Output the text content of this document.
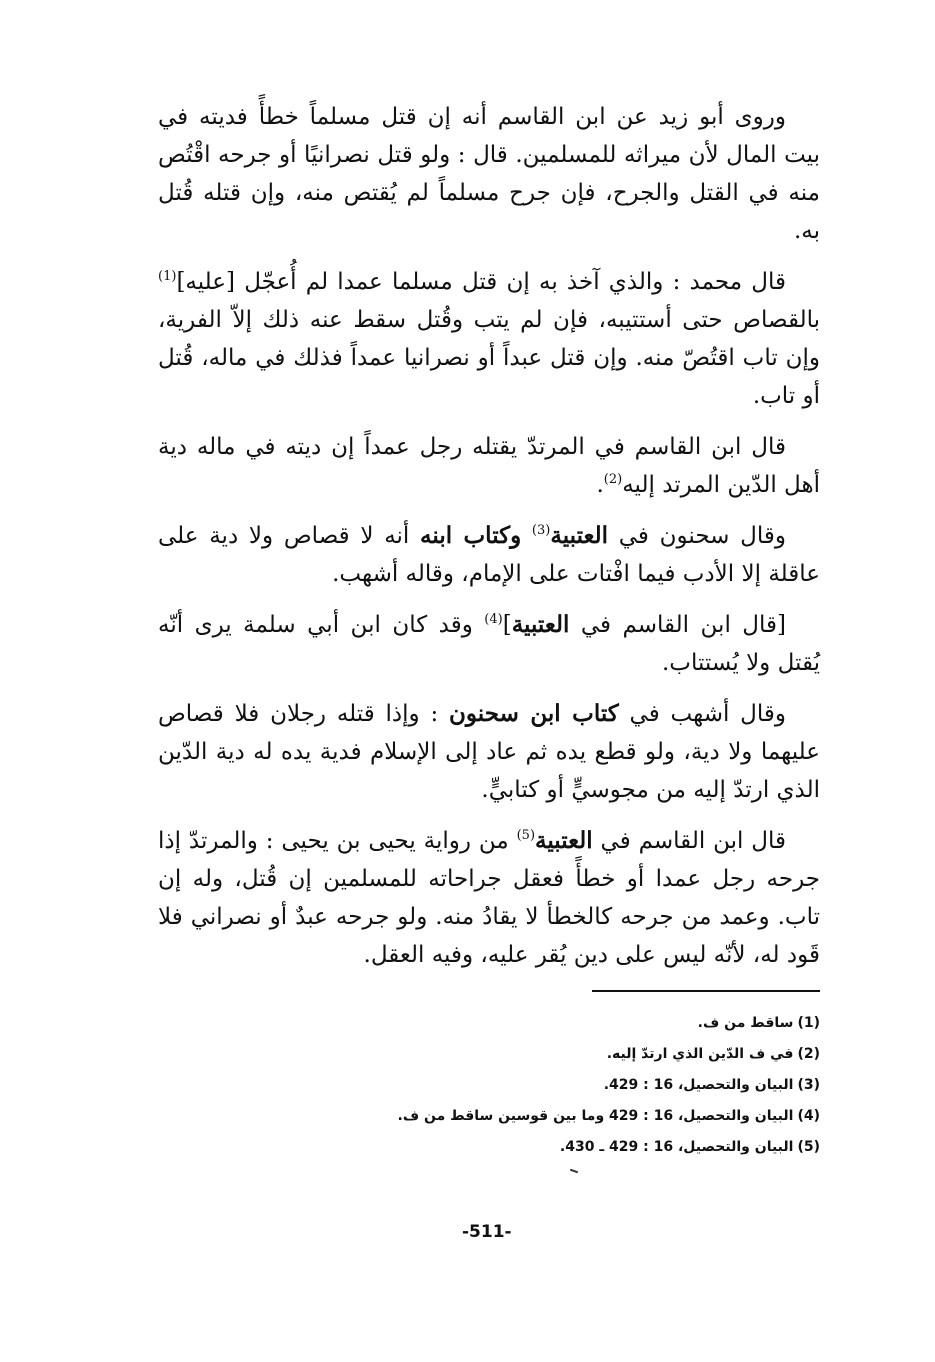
وروى أبو زيد عن ابن القاسم أنه إن قتل مسلماً خطأً فديته في بيت المال لأن ميراثه للمسلمين. قال : ولو قتل نصرانيًا أو جرحه اقْتُص منه في القتل والجرح، فإن جرح مسلماً لم يُقتص منه، وإن قتله قُتل به.

قال محمد : والذي آخذ به إن قتل مسلما عمدا لم أُعجّل [عليه]$^{(1)}$ بالقصاص حتى أستتيبه، فإن لم يتب وقُتل سقط عنه ذلك إلاّ الفرية، وإن تاب اقتُصّ منه. وإن قتل عبداً أو نصرانيا عمداً فذلك في ماله، قُتل أو تاب.

قال ابن القاسم في المرتدّ يقتله رجل عمداً إن ديته في ماله دية أهل الدّين المرتد إليه$^{(2)}$.

وقال سحنون في العتبية$^{(3)}$ وكتاب ابنه أنه لا قصاص ولا دية على عاقلة إلا الأدب فيما افْتات على الإمام، وقاله أشهب.

[قال ابن القاسم في العتبية]$^{(4)}$ وقد كان ابن أبي سلمة يرى أنّه يُقتل ولا يُستتاب.

وقال أشهب في كتاب ابن سحنون : وإذا قتله رجلان فلا قصاص عليهما ولا دية، ولو قطع يده ثم عاد إلى الإسلام فدية يده له دية الدّين الذي ارتدّ إليه من مجوسيٍّ أو كتابيٍّ.

قال ابن القاسم في العتبية$^{(5)}$ من رواية يحيى بن يحيى : والمرتدّ إذا جرحه رجل عمدا أو خطأً فعقل جراحاته للمسلمين إن قُتل، وله إن تاب. وعمد من جرحه كالخطأ لا يقادُ منه. ولو جرحه عبدٌ أو نصراني فلا قَود له، لأنّه ليس على دين يُقر عليه، وفيه العقل.

(1)ساقط من ف.
(2)في ف الدّين الذي ارتدّ إليه.
(3)البيان والتحصيل، 16 : 429.
(4)البيان والتحصيل، 16 : 429 وما بين قوسين ساقط من ف.
(5)البيان والتحصيل، 16 : 429 ـ 430.
-511-
